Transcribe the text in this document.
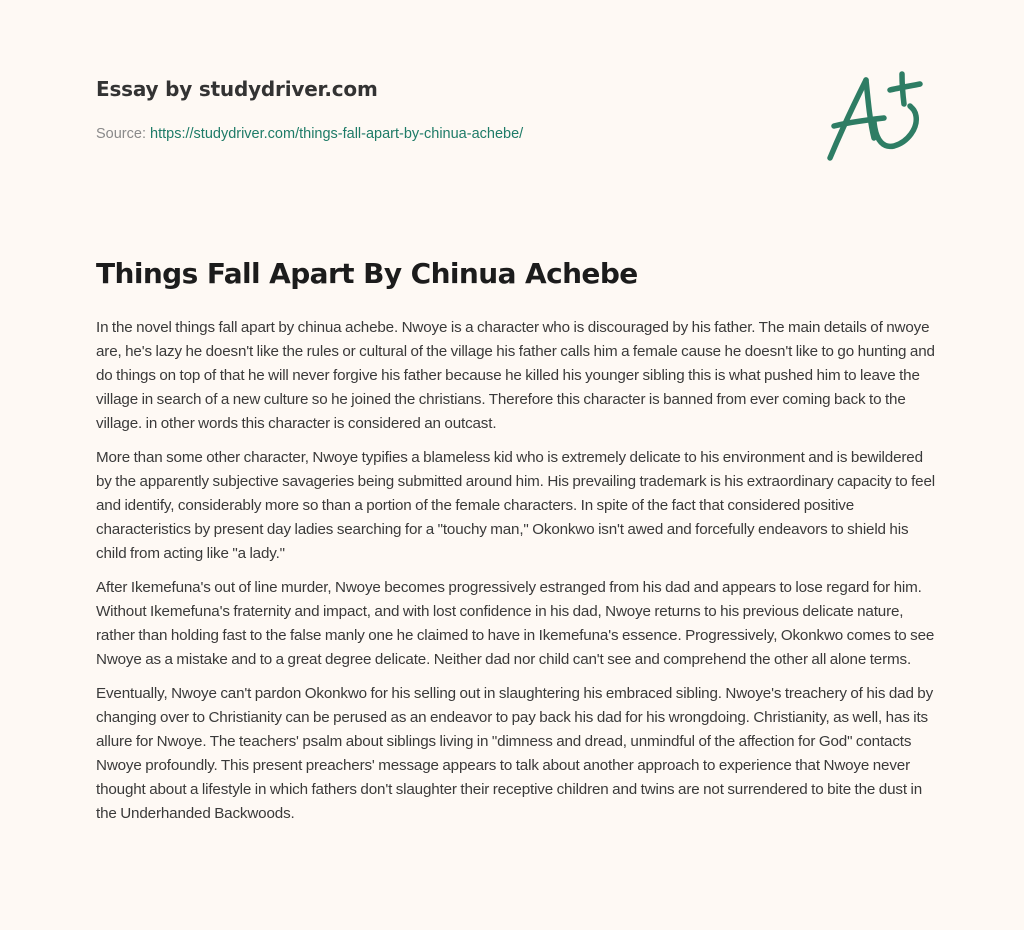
Essay by studydriver.com
Source: https://studydriver.com/things-fall-apart-by-chinua-achebe/
Things Fall Apart By Chinua Achebe

In the novel things fall apart by chinua achebe. Nwoye is a character who is discouraged by his father. The main details of nwoye are, he's lazy he doesn't like the rules or cultural of the village his father calls him a female cause he doesn't like to go hunting and do things on top of that he will never forgive his father because he killed his younger sibling this is what pushed him to leave the village in search of a new culture so he joined the christians. Therefore this character is banned from ever coming back to the village. in other words this character is considered an outcast.

More than some other character, Nwoye typifies a blameless kid who is extremely delicate to his environment and is bewildered by the apparently subjective savageries being submitted around him. His prevailing trademark is his extraordinary capacity to feel and identify, considerably more so than a portion of the female characters. In spite of the fact that considered positive characteristics by present day ladies searching for a "touchy man," Okonkwo isn't awed and forcefully endeavors to shield his child from acting like "a lady."

After Ikemefuna's out of line murder, Nwoye becomes progressively estranged from his dad and appears to lose regard for him. Without Ikemefuna's fraternity and impact, and with lost confidence in his dad, Nwoye returns to his previous delicate nature, rather than holding fast to the false manly one he claimed to have in Ikemefuna's essence. Progressively, Okonkwo comes to see Nwoye as a mistake and to a great degree delicate. Neither dad nor child can't see and comprehend the other all alone terms.

Eventually, Nwoye can't pardon Okonkwo for his selling out in slaughtering his embraced sibling. Nwoye's treachery of his dad by changing over to Christianity can be perused as an endeavor to pay back his dad for his wrongdoing. Christianity, as well, has its allure for Nwoye. The teachers' psalm about siblings living in "dimness and dread, unmindful of the affection for God" contacts Nwoye profoundly. This present preachers' message appears to talk about another approach to experience that Nwoye never thought about a lifestyle in which fathers don't slaughter their receptive children and twins are not surrendered to bite the dust in the Underhanded Backwoods.
